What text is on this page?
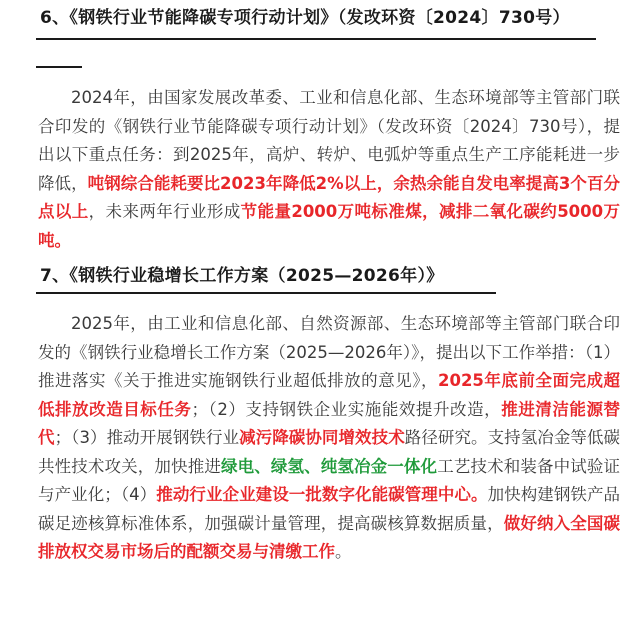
6、《钢铁行业节能降碳专项行动计划》（发改环资〔2024〕730号）

2024年，由国家发展改革委、工业和信息化部、生态环境部等主管部门联合印发的《钢铁行业节能降碳专项行动计划》（发改环资〔2024〕730号），提出以下重点任务：到2025年，高炉、转炉、电弧炉等重点生产工序能耗进一步降低，吨钢综合能耗要比2023年降低2%以上，余热余能自发电率提高3个百分点以上，未来两年行业形成节能量2000万吨标准煤，减排二氧化碳约5000万吨。

7、《钢铁行业稳增长工作方案（2025—2026年）》

2025年，由工业和信息化部、自然资源部、生态环境部等主管部门联合印发的《钢铁行业稳增长工作方案（2025—2026年）》，提出以下工作举措：（1）推进落实《关于推进实施钢铁行业超低排放的意见》，2025年底前全面完成超低排放改造目标任务；（2）支持钢铁企业实施能效提升改造，推进清洁能源替代；（3）推动开展钢铁行业减污降碳协同增效技术路径研究。支持氢冶金等低碳共性技术攻关，加快推进绿电、绿氢、纯氢冶金一体化工艺技术和装备中试验证与产业化；（4）推动行业企业建设一批数字化能碳管理中心。加快构建钢铁产品碳足迹核算标准体系，加强碳计量管理，提高碳核算数据质量，做好纳入全国碳排放权交易市场后的配额交易与清缴工作。
